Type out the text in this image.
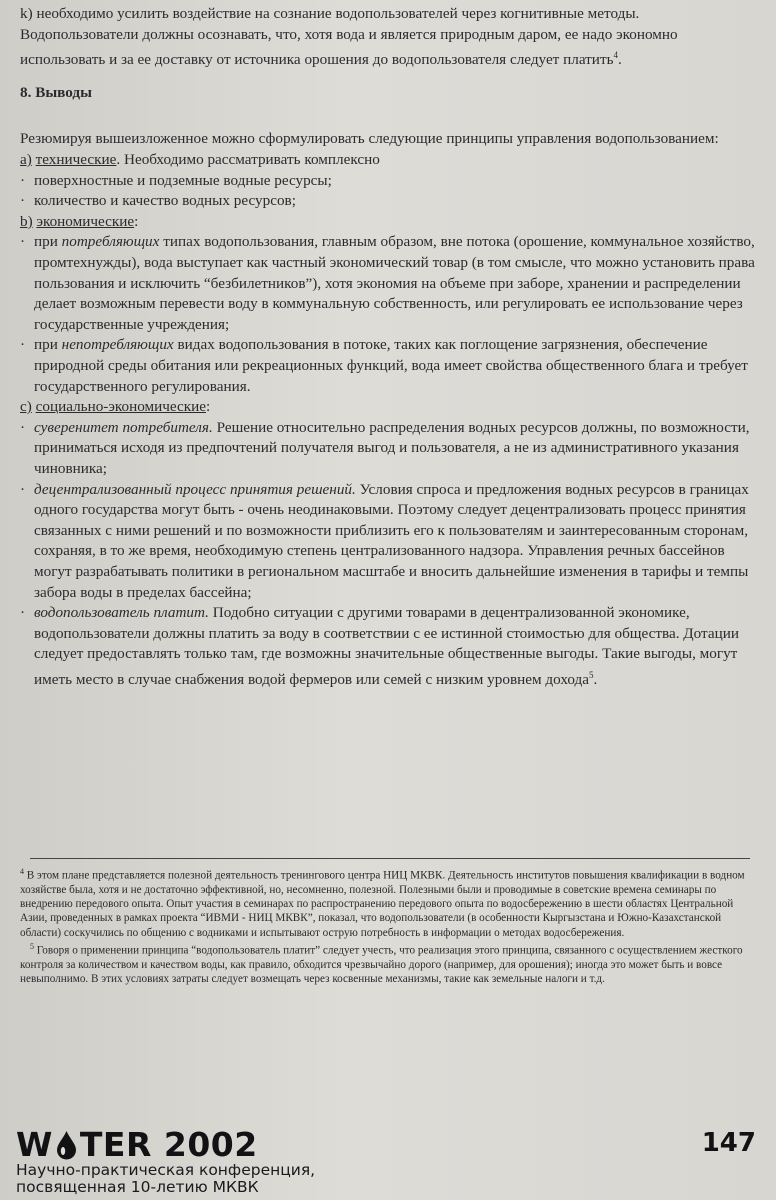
k) необходимо усилить воздействие на сознание водопользователей через когнитивные методы. Водопользователи должны осознавать, что, хотя вода и является природным даром, ее надо экономно использовать и за ее доставку от источника орошения до водопользователя следует платить$^4$.

8. Выводы

Резюмируя вышеизложенное можно сформулировать следующие принципы управления водопользованием:

a) технические. Необходимо рассматривать комплексно

· поверхностные и подземные водные ресурсы;

· количество и качество водных ресурсов;

b) экономические:

· при потребляющих типах водопользования, главным образом, вне потока (орошение, коммунальное хозяйство, промтехнужды), вода выступает как частный экономический товар (в том смысле, что можно установить права пользования и исключить “безбилетников”), хотя экономия на объеме при заборе, хранении и распределении делает возможным перевести воду в коммунальную собственность, или регулировать ее использование через государственные учреждения;

· при непотребляющих видах водопользования в потоке, таких как поглощение загрязнения, обеспечение природной среды обитания или рекреационных функций, вода имеет свойства общественного блага и требует государственного регулирования.

c) социально-экономические:

· суверенитет потребителя. Решение относительно распределения водных ресурсов должны, по возможности, приниматься исходя из предпочтений получателя выгод и пользователя, а не из административного указания чиновника;

· децентрализованный процесс принятия решений. Условия спроса и предложения водных ресурсов в границах одного государства могут быть - очень неодинаковыми. Поэтому следует децентрализовать процесс принятия связанных с ними решений и по возможности приблизить его к пользователям и заинтересованным сторонам, сохраняя, в то же время, необходимую степень централизованного надзора. Управления речных бассейнов могут разрабатывать политики в региональном масштабе и вносить дальнейшие изменения в тарифы и темпы забора воды в пределах бассейна;

· водопользователь платит. Подобно ситуации с другими товарами в децентрализованной экономике, водопользователи должны платить за воду в соответствии с ее истинной стоимостью для общества. Дотации следует предоставлять только там, где возможны значительные общественные выгоды. Такие выгоды, могут иметь место в случае снабжения водой фермеров или семей с низким уровнем дохода$^5$.

$^4$ В этом плане представляется полезной деятельность тренингового центра НИЦ МКВК. Деятельность институтов повышения квалификации в водном хозяйстве была, хотя и не достаточно эффективной, но, несомненно, полезной. Полезными были и проводимые в советские времена семинары по внедрению передового опыта. Опыт участия в семинарах по распространению передового опыта по водосбережению в шести областях Центральной Азии, проведенных в рамках проекта “ИВМИ - НИЦ МКВК”, показал, что водопользователи (в особенности Кыргызстана и Южно-Казахстанской области) соскучились по общению с водниками и испытывают острую потребность в информации о методах водосбережения.

$^5$ Говоря о применении принципа “водопользователь платит” следует учесть, что реализация этого принципа, связанного с осуществлением жесткого контроля за количеством и качеством воды, как правило, обходится чрезвычайно дорого (например, для орошения); иногда это может быть и вовсе невыполнимо. В этих условиях затраты следует возмещать через косвенные механизмы, такие как земельные налоги и т.д.

W TER 2002
Научно-практическая конференция,
посвященная 10-летию МКВК
147
